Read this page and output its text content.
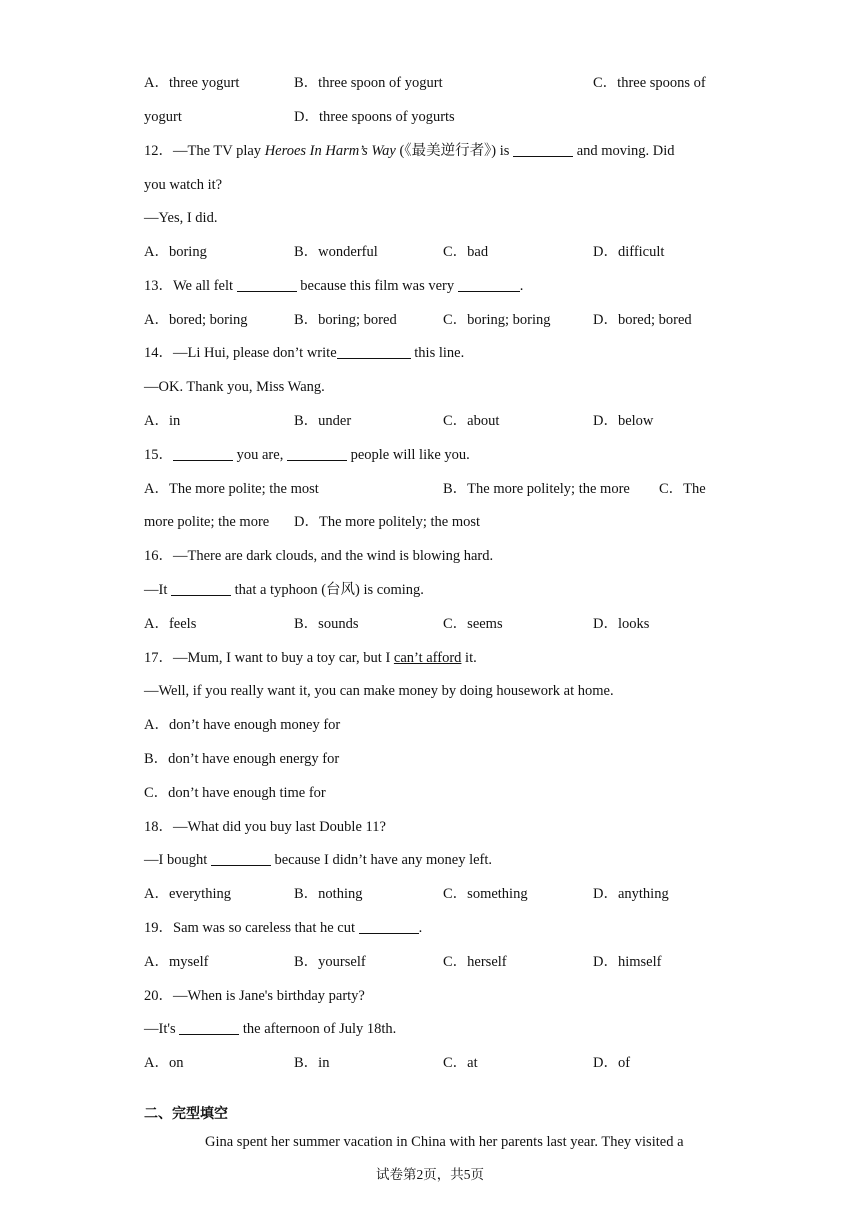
A．three yogurt	B．three spoon of yogurt	C．three spoons of
yogurt	D．three spoons of yogurts
12．—The TV play Heroes In Harm’s Way (《最美逆行者》) is	and moving. Did
you watch it?
—Yes, I did.
A．boring	B．wonderful	C．bad	D．difficult
13．We all felt	because this film was very	.
A．bored; boring	B．boring; bored	C．boring; boring	D．bored; bored
14．—Li Hui, please don’t write	this line.
—OK. Thank you, Miss Wang.
A．in	B．under	C．about	D．below
15．	you are,	people will like you.
A．The more polite; the most	B．The more politely; the more C．The
more polite; the more D．The more politely; the most
16．—There are dark clouds, and the wind is blowing hard.
—It	that a typhoon (台风) is coming.
A．feels	B．sounds	C．seems	D．looks
17．—Mum, I want to buy a toy car, but I can’t afford it.
—Well, if you really want it, you can make money by doing housework at home.
A．don’t have enough money for
B．don’t have enough energy for
C．don’t have enough time for
18．—What did you buy last Double 11?
—I bought	because I didn’t have any money left.
A．everything	B．nothing	C．something	D．anything
19．Sam was so careless that he cut	.
A．myself	B．yourself	C．herself	D．himself
20．—When is Jane's birthday party?
—It's	the afternoon of July 18th.
A．on	B．in	C．at	D．of
二、完型填空
Gina spent her summer vacation in China with her parents last year. They visited a
试卷第2页，共5页
